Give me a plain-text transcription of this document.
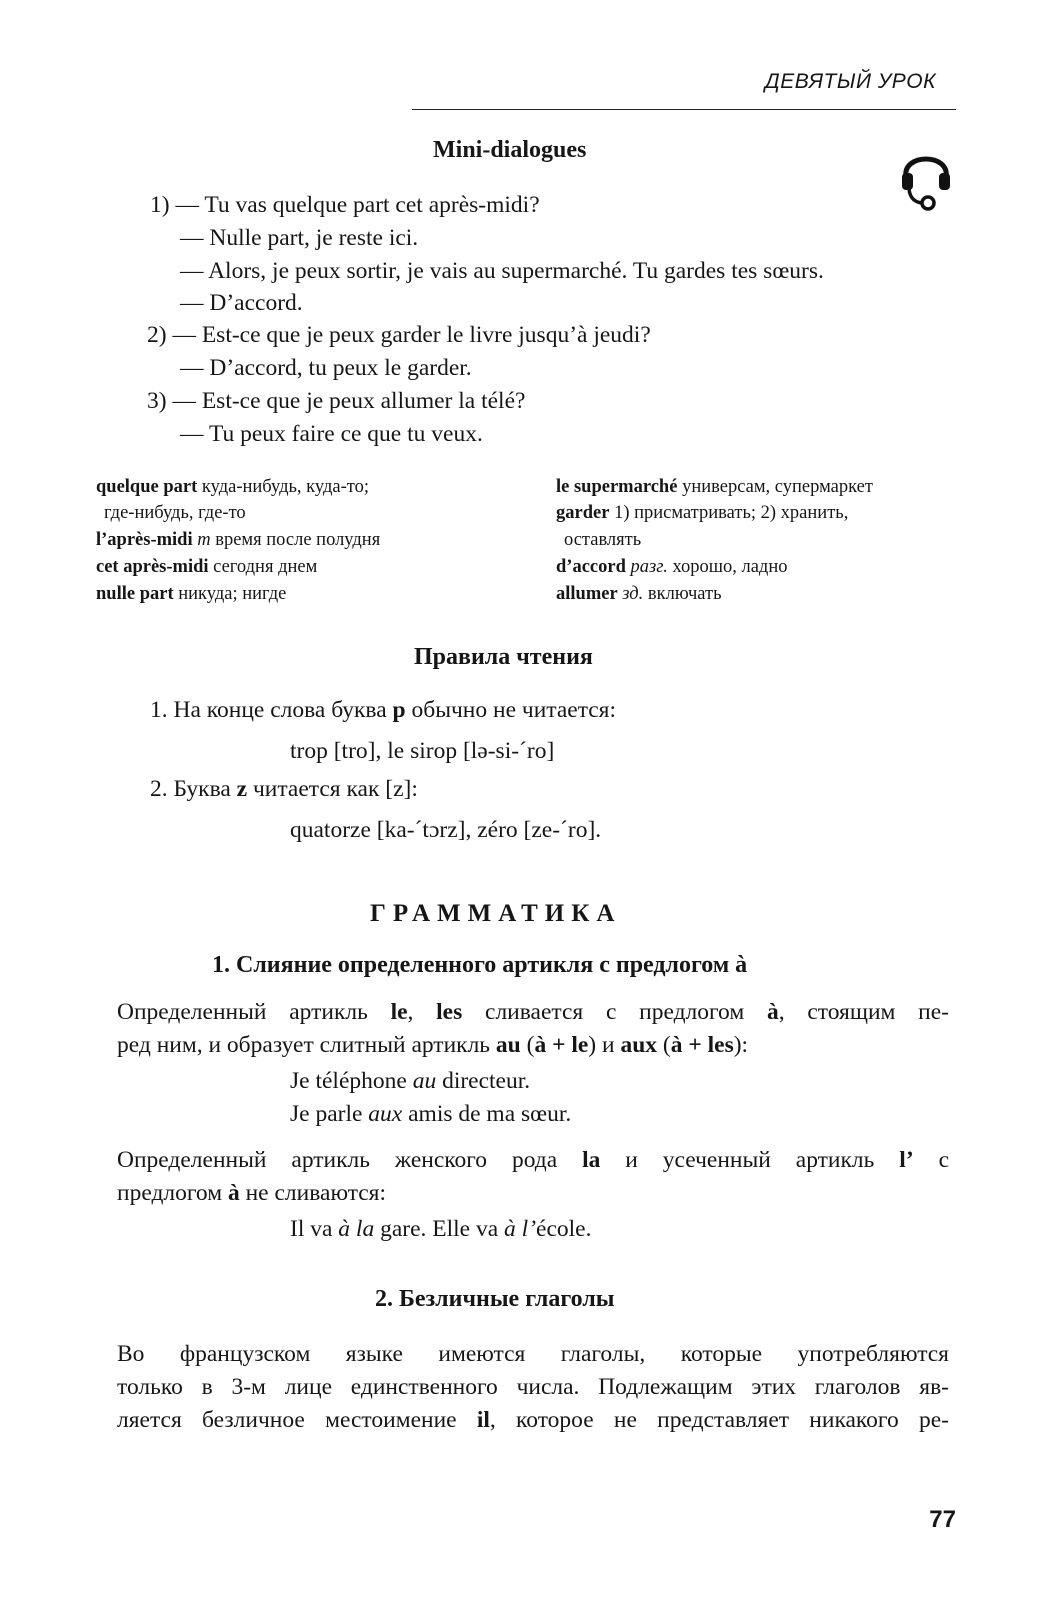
ДЕВЯТЫЙ УРОК
Mini-dialogues
1) — Tu vas quelque part cet après-midi?
— Nulle part, je reste ici.
— Alors, je peux sortir, je vais au supermarché. Tu gardes tes sœurs.
— D’accord.
2) — Est-ce que je peux garder le livre jusqu’à jeudi?
— D’accord, tu peux le garder.
3) — Est-ce que je peux allumer la télé?
— Tu peux faire ce que tu veux.
quelque part куда-нибудь, куда-то;
где-нибудь, где-то
l’après-midi m время после полудня
cet après-midi сегодня днем
nulle part никуда; нигде
le supermarché универсам, супермаркет
garder 1) присматривать; 2) хранить,
оставлять
d’accord разг. хорошо, ладно
allumer зд. включать
Правила чтения
1. На конце слова буква p обычно не читается:
trop [tro], le sirop [lə-si-ˊro]
2. Буква z читается как [z]:
quatorze [ka-ˊtɔrz], zéro [ze-ˊro].
ГРАММАТИКА
1. Слияние определенного артикля с предлогом à
Определенный артикль le, les сливается с предлогом à, стоящим пе-
ред ним, и образует слитный артикль au (à + le) и aux (à + les):
Je téléphone au directeur.
Je parle aux amis de ma sœur.
Определенный артикль женского рода la и усеченный артикль l’ с
предлогом à не сливаются:
Il va à la gare. Elle va à l’école.
2. Безличные глаголы
Во французском языке имеются глаголы, которые употребляются
только в 3-м лице единственного числа. Подлежащим этих глаголов яв-
ляется безличное местоимение il, которое не представляет никакого ре-
77
